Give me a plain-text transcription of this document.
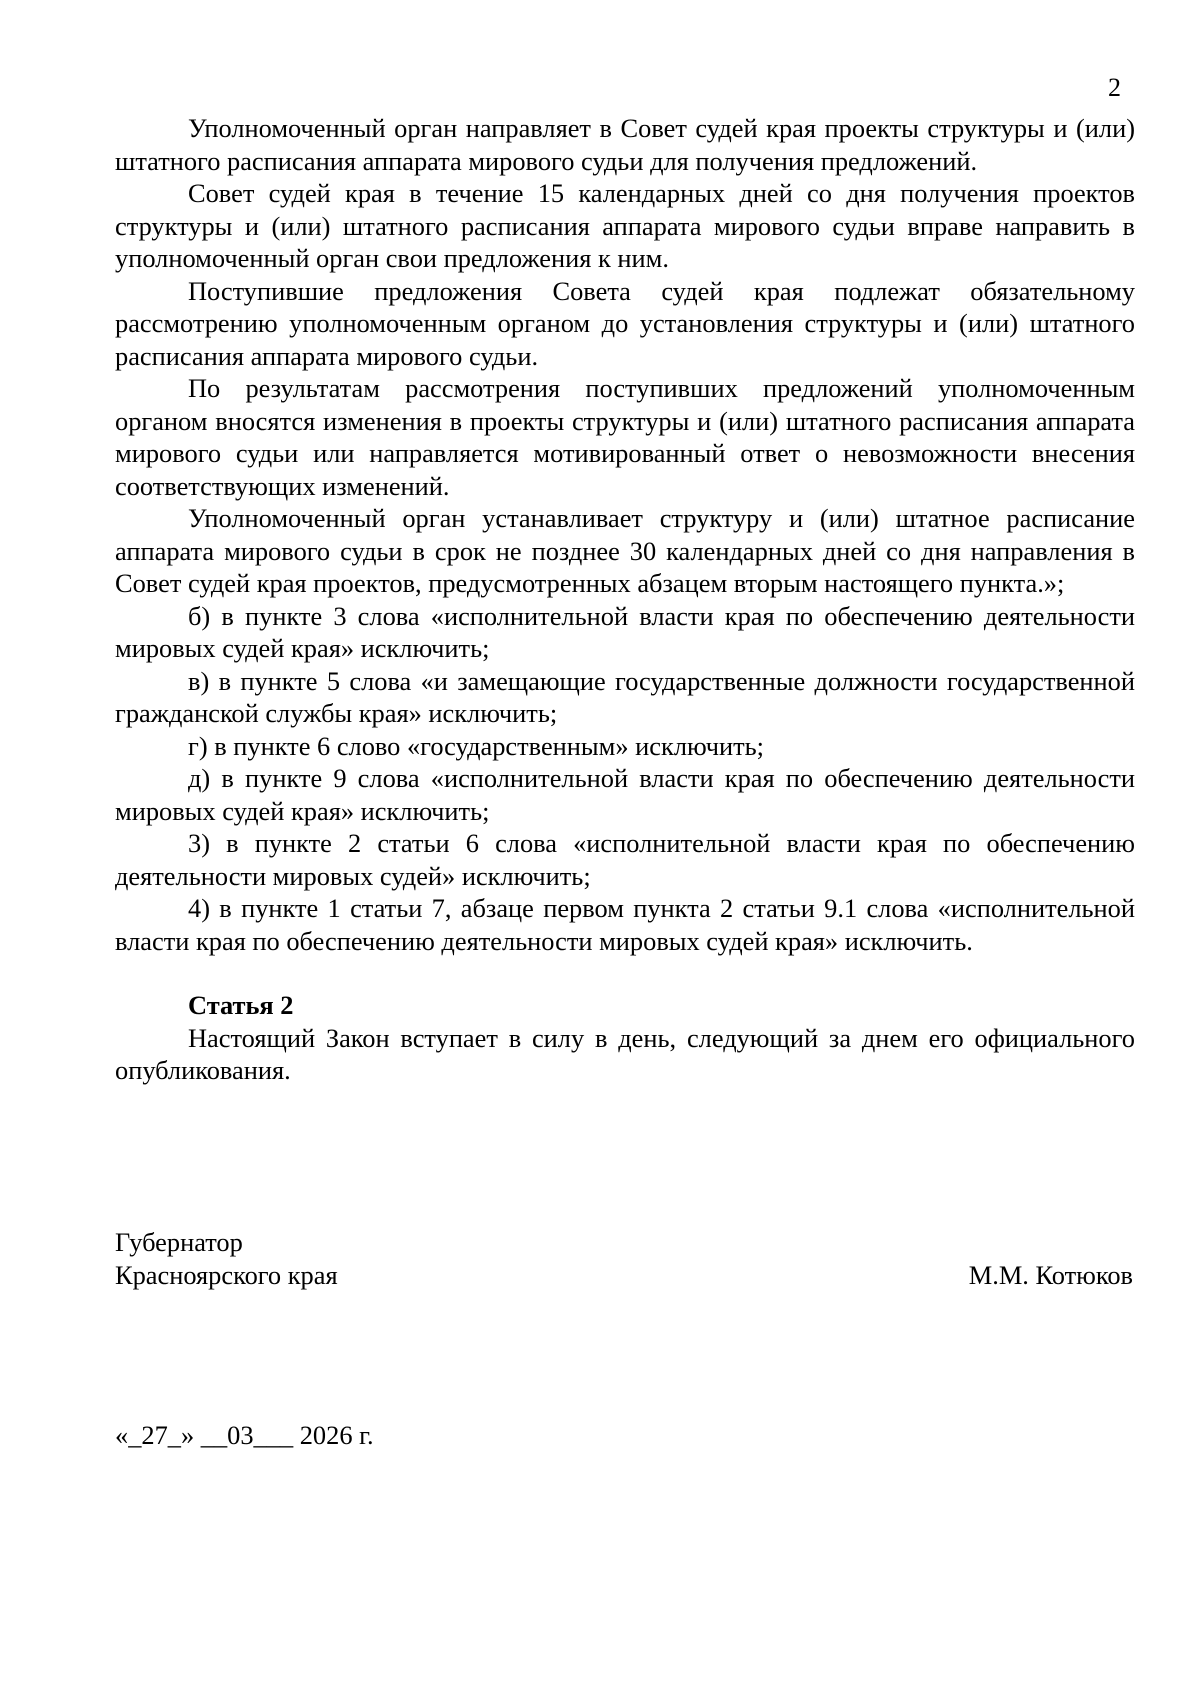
2

Уполномоченный орган направляет в Совет судей края проекты структуры и (или) штатного расписания аппарата мирового судьи для получения предложений.

Совет судей края в течение 15 календарных дней со дня получения проектов структуры и (или) штатного расписания аппарата мирового судьи вправе направить в уполномоченный орган свои предложения к ним.

Поступившие предложения Совета судей края подлежат обязательному рассмотрению уполномоченным органом до установления структуры и (или) штатного расписания аппарата мирового судьи.

По результатам рассмотрения поступивших предложений уполномоченным органом вносятся изменения в проекты структуры и (или) штатного расписания аппарата мирового судьи или направляется мотивированный ответ о невозможности внесения соответствующих изменений.

Уполномоченный орган устанавливает структуру и (или) штатное расписание аппарата мирового судьи в срок не позднее 30 календарных дней со дня направления в Совет судей края проектов, предусмотренных абзацем вторым настоящего пункта.»;

б) в пункте 3 слова «исполнительной власти края по обеспечению деятельности мировых судей края» исключить;

в) в пункте 5 слова «и замещающие государственные должности государственной гражданской службы края» исключить;

г) в пункте 6 слово «государственным» исключить;

д) в пункте 9 слова «исполнительной власти края по обеспечению деятельности мировых судей края» исключить;

3) в пункте 2 статьи 6 слова «исполнительной власти края по обеспечению деятельности мировых судей» исключить;

4) в пункте 1 статьи 7, абзаце первом пункта 2 статьи 9.1 слова «исполнительной власти края по обеспечению деятельности мировых судей края» исключить.

Статья 2

Настоящий Закон вступает в силу в день, следующий за днем его официального опубликования.

Губернатор
Красноярского края	М.М. Котюков
«_27_» __03___ 2026 г.
